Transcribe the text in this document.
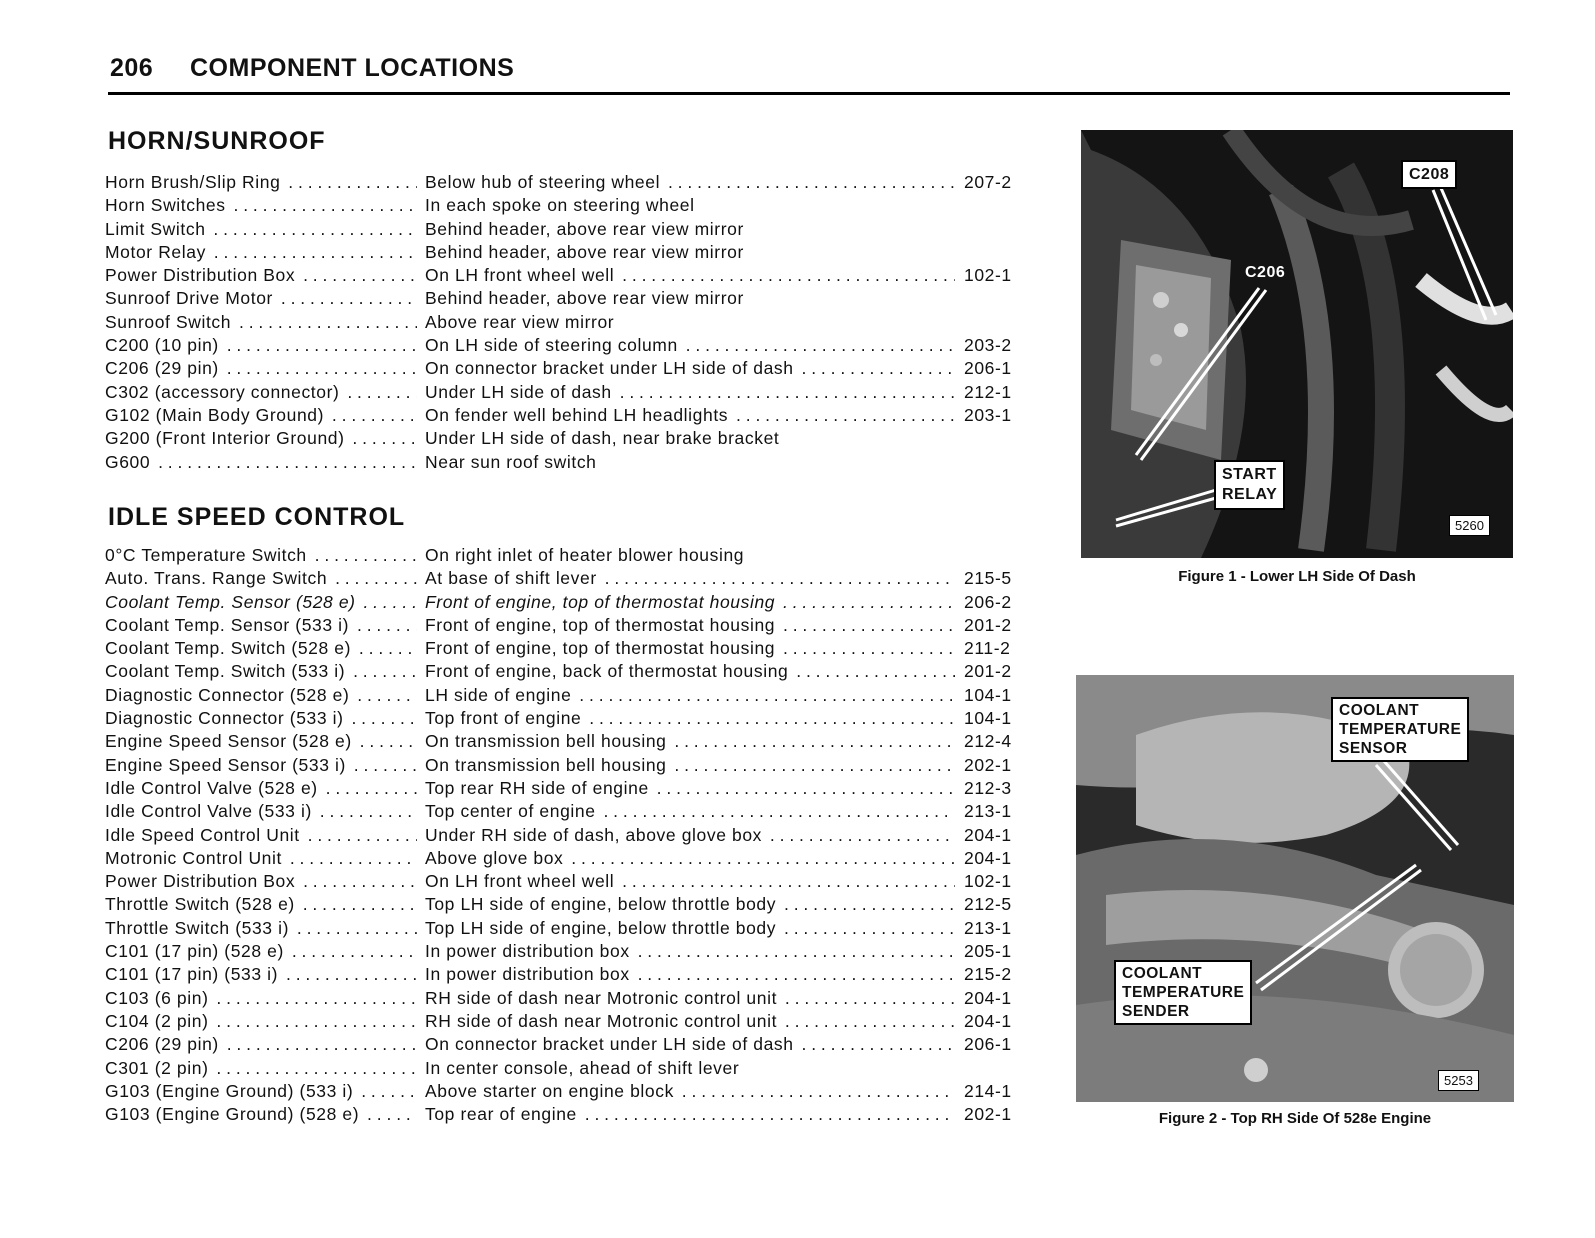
206 COMPONENT LOCATIONS
HORN/SUNROOF
Horn Brush/Slip Ring . . .	Below hub of steering wheel . . .	207-2
Horn Switches . . .	In each spoke on steering wheel
Limit Switch . . .	Behind header, above rear view mirror
Motor Relay . . .	Behind header, above rear view mirror
Power Distribution Box . . .	On LH front wheel well . . .	102-1
Sunroof Drive Motor . . .	Behind header, above rear view mirror
Sunroof Switch . . .	Above rear view mirror
C200 (10 pin) . . .	On LH side of steering column . . .	203-2
C206 (29 pin) . . .	On connector bracket under LH side of dash . . .	206-1
C302 (accessory connector) . . .	Under LH side of dash . . .	212-1
G102 (Main Body Ground) . . .	On fender well behind LH headlights . . .	203-1
G200 (Front Interior Ground) . . .	Under LH side of dash, near brake bracket
G600 . . .	Near sun roof switch
IDLE SPEED CONTROL
0°C Temperature Switch . . .	On right inlet of heater blower housing
Auto. Trans. Range Switch . . .	At base of shift lever . . .	215-5
Coolant Temp. Sensor (528 e) . . .	Front of engine, top of thermostat housing . . .	206-2
Coolant Temp. Sensor (533 i) . . .	Front of engine, top of thermostat housing . . .	201-2
Coolant Temp. Switch (528 e) . . .	Front of engine, top of thermostat housing . . .	211-2
Coolant Temp. Switch (533 i) . . .	Front of engine, back of thermostat housing . . .	201-2
Diagnostic Connector (528 e) . . .	LH side of engine . . .	104-1
Diagnostic Connector (533 i) . . .	Top front of engine . . .	104-1
Engine Speed Sensor (528 e) . . .	On transmission bell housing . . .	212-4
Engine Speed Sensor (533 i) . . .	On transmission bell housing . . .	202-1
Idle Control Valve (528 e) . . .	Top rear RH side of engine . . .	212-3
Idle Control Valve (533 i) . . .	Top center of engine . . .	213-1
Idle Speed Control Unit . . .	Under RH side of dash, above glove box . . .	204-1
Motronic Control Unit . . .	Above glove box . . .	204-1
Power Distribution Box . . .	On LH front wheel well . . .	102-1
Throttle Switch (528 e) . . .	Top LH side of engine, below throttle body . . .	212-5
Throttle Switch (533 i) . . .	Top LH side of engine, below throttle body . . .	213-1
C101 (17 pin) (528 e) . . .	In power distribution box . . .	205-1
C101 (17 pin) (533 i) . . .	In power distribution box . . .	215-2
C103 (6 pin) . . .	RH side of dash near Motronic control unit . . .	204-1
C104 (2 pin) . . .	RH side of dash near Motronic control unit . . .	204-1
C206 (29 pin) . . .	On connector bracket under LH side of dash . . .	206-1
C301 (2 pin) . . .	In center console, ahead of shift lever
G103 (Engine Ground) (533 i) . . .	Above starter on engine block . . .	214-1
G103 (Engine Ground) (528 e) . . .	Top rear of engine . . .	202-1
C208
C206
START
RELAY
5260
Figure 1 - Lower LH Side Of Dash
COOLANT
TEMPERATURE
SENSOR
COOLANT
TEMPERATURE
SENDER
5253
Figure 2 - Top RH Side Of 528e Engine
